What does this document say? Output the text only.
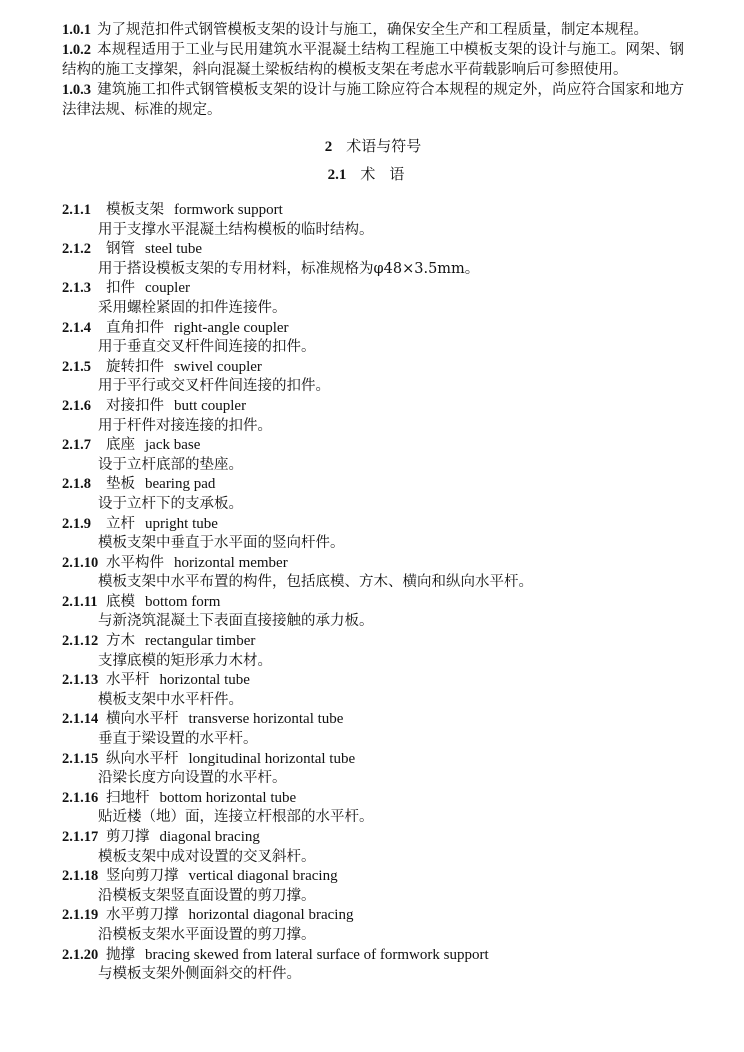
1.0.1 为了规范扣件式钢管模板支架的设计与施工，确保安全生产和工程质量，制定本规程。

1.0.2 本规程适用于工业与民用建筑水平混凝土结构工程施工中模板支架的设计与施工。网架、钢结构的施工支撑架，斜向混凝土梁板结构的模板支架在考虑水平荷载影响后可参照使用。

1.0.3 建筑施工扣件式钢管模板支架的设计与施工除应符合本规程的规定外，尚应符合国家和地方法律法规、标准的规定。

2 术语与符号
2.1 术语

2.1.1 模板支架 formwork support

用于支撑水平混凝土结构模板的临时结构。

2.1.2 钢管 steel tube

用于搭设模板支架的专用材料，标准规格为φ48×3.5mm。

2.1.3 扣件 coupler

采用螺栓紧固的扣件连接件。

2.1.4 直角扣件 right-angle coupler

用于垂直交叉杆件间连接的扣件。

2.1.5 旋转扣件 swivel coupler

用于平行或交叉杆件间连接的扣件。

2.1.6 对接扣件 butt coupler

用于杆件对接连接的扣件。

2.1.7 底座 jack base

设于立杆底部的垫座。

2.1.8 垫板 bearing pad

设于立杆下的支承板。

2.1.9 立杆 upright tube

模板支架中垂直于水平面的竖向杆件。

2.1.10 水平构件 horizontal member

模板支架中水平布置的构件，包括底模、方木、横向和纵向水平杆。

2.1.11 底模 bottom form

与新浇筑混凝土下表面直接接触的承力板。

2.1.12 方木 rectangular timber

支撑底模的矩形承力木材。

2.1.13 水平杆 horizontal tube

模板支架中水平杆件。

2.1.14 横向水平杆 transverse horizontal tube

垂直于梁设置的水平杆。

2.1.15 纵向水平杆 longitudinal horizontal tube

沿梁长度方向设置的水平杆。

2.1.16 扫地杆 bottom horizontal tube

贴近楼（地）面，连接立杆根部的水平杆。

2.1.17 剪刀撑 diagonal bracing

模板支架中成对设置的交叉斜杆。

2.1.18 竖向剪刀撑 vertical diagonal bracing

沿模板支架竖直面设置的剪刀撑。

2.1.19 水平剪刀撑 horizontal diagonal bracing

沿模板支架水平面设置的剪刀撑。

2.1.20 抛撑 bracing skewed from lateral surface of formwork support

与模板支架外侧面斜交的杆件。
